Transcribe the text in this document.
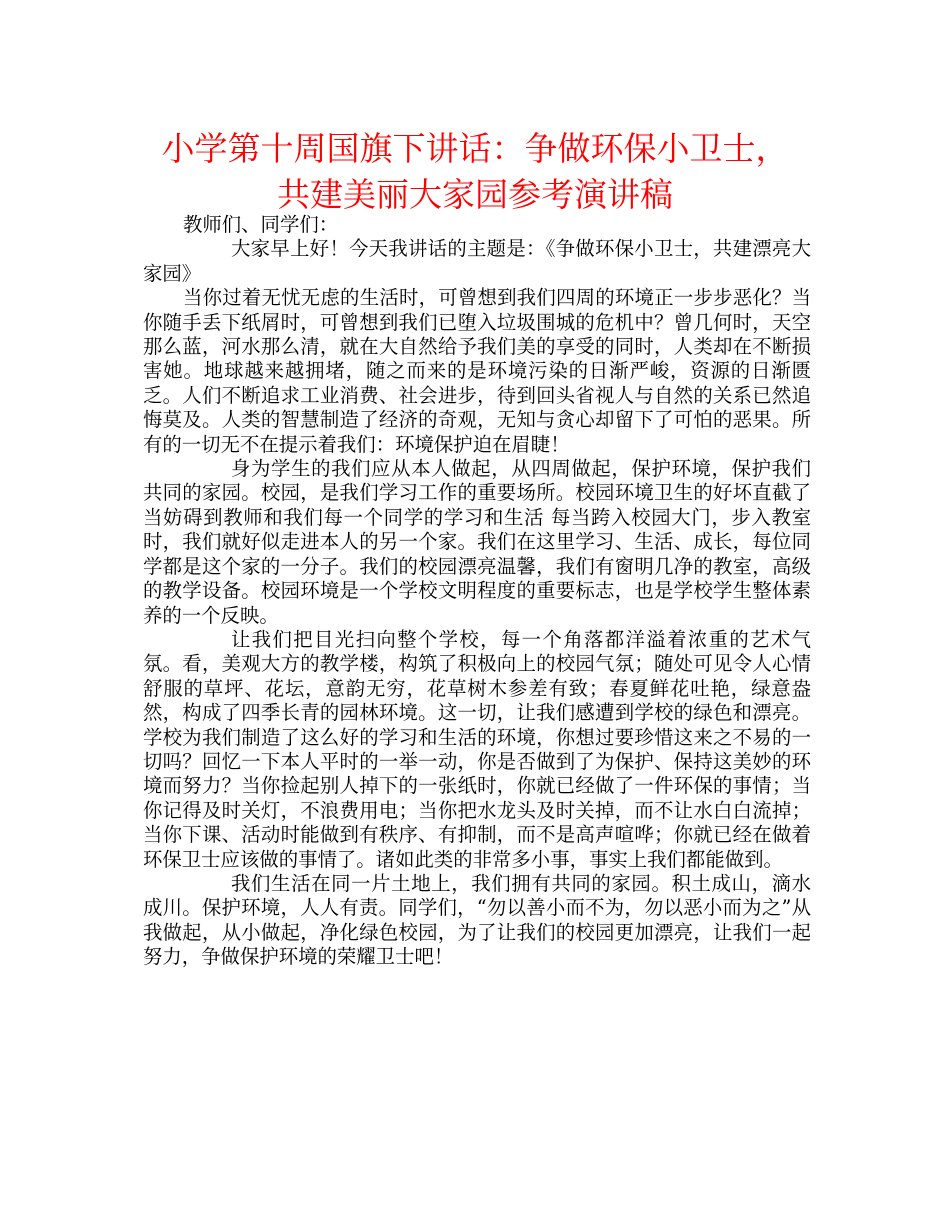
小学第十周国旗下讲话：争做环保小卫士，
共建美丽大家园参考演讲稿

教师们、同学们：

大家早上好！今天我讲话的主题是：《争做环保小卫士，共建漂亮大家园》

当你过着无忧无虑的生活时，可曾想到我们四周的环境正一步步恶化？当你随手丢下纸屑时，可曾想到我们已堕入垃圾围城的危机中？曾几何时，天空那么蓝，河水那么清，就在大自然给予我们美的享受的同时，人类却在不断损害她。地球越来越拥堵，随之而来的是环境污染的日渐严峻，资源的日渐匮乏。人们不断追求工业消费、社会进步，待到回头省视人与自然的关系已然追悔莫及。人类的智慧制造了经济的奇观，无知与贪心却留下了可怕的恶果。所有的一切无不在提示着我们：环境保护迫在眉睫！

身为学生的我们应从本人做起，从四周做起，保护环境，保护我们共同的家园。校园，是我们学习工作的重要场所。校园环境卫生的好坏直截了当妨碍到教师和我们每一个同学的学习和生活 每当跨入校园大门，步入教室时，我们就好似走进本人的另一个家。我们在这里学习、生活、成长，每位同学都是这个家的一分子。我们的校园漂亮温馨，我们有窗明几净的教室，高级的教学设备。校园环境是一个学校文明程度的重要标志，也是学校学生整体素养的一个反映。

让我们把目光扫向整个学校，每一个角落都洋溢着浓重的艺术气氛。看，美观大方的教学楼，构筑了积极向上的校园气氛；随处可见令人心情舒服的草坪、花坛，意韵无穷，花草树木参差有致；春夏鲜花吐艳，绿意盎然，构成了四季长青的园林环境。这一切，让我们感遭到学校的绿色和漂亮。学校为我们制造了这么好的学习和生活的环境，你想过要珍惜这来之不易的一切吗？回忆一下本人平时的一举一动，你是否做到了为保护、保持这美妙的环境而努力？当你捡起别人掉下的一张纸时，你就已经做了一件环保的事情；当你记得及时关灯，不浪费用电；当你把水龙头及时关掉，而不让水白白流掉；当你下课、活动时能做到有秩序、有抑制，而不是高声喧哗；你就已经在做着环保卫士应该做的事情了。诸如此类的非常多小事，事实上我们都能做到。

我们生活在同一片土地上，我们拥有共同的家园。积土成山，滴水成川。保护环境，人人有责。同学们，“勿以善小而不为，勿以恶小而为之”从我做起，从小做起，净化绿色校园，为了让我们的校园更加漂亮，让我们一起努力，争做保护环境的荣耀卫士吧！
